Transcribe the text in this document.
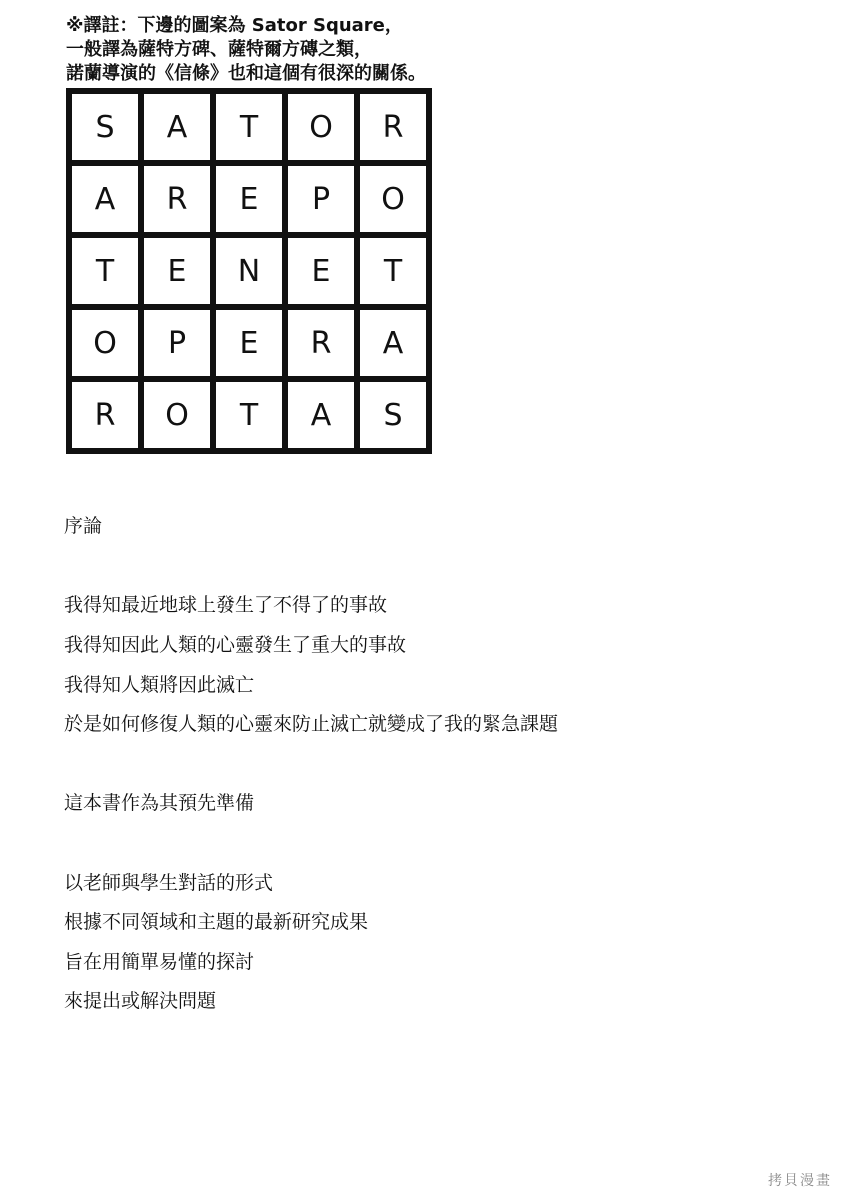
※譯註：下邊的圖案為 Sator Square，
一般譯為薩特方碑、薩特爾方磚之類，
諾蘭導演的《信條》也和這個有很深的關係。
S	A	T	O	R
A	R	E	P	O
T	E	N	E	T
O	P	E	R	A
R	O	T	A	S
序論
我得知最近地球上發生了不得了的事故
我得知因此人類的心靈發生了重大的事故
我得知人類將因此滅亡
於是如何修復人類的心靈來防止滅亡就變成了我的緊急課題
這本書作為其預先準備
以老師與學生對話的形式
根據不同領域和主題的最新研究成果
旨在用簡單易懂的探討
來提出或解決問題
拷貝漫畫
